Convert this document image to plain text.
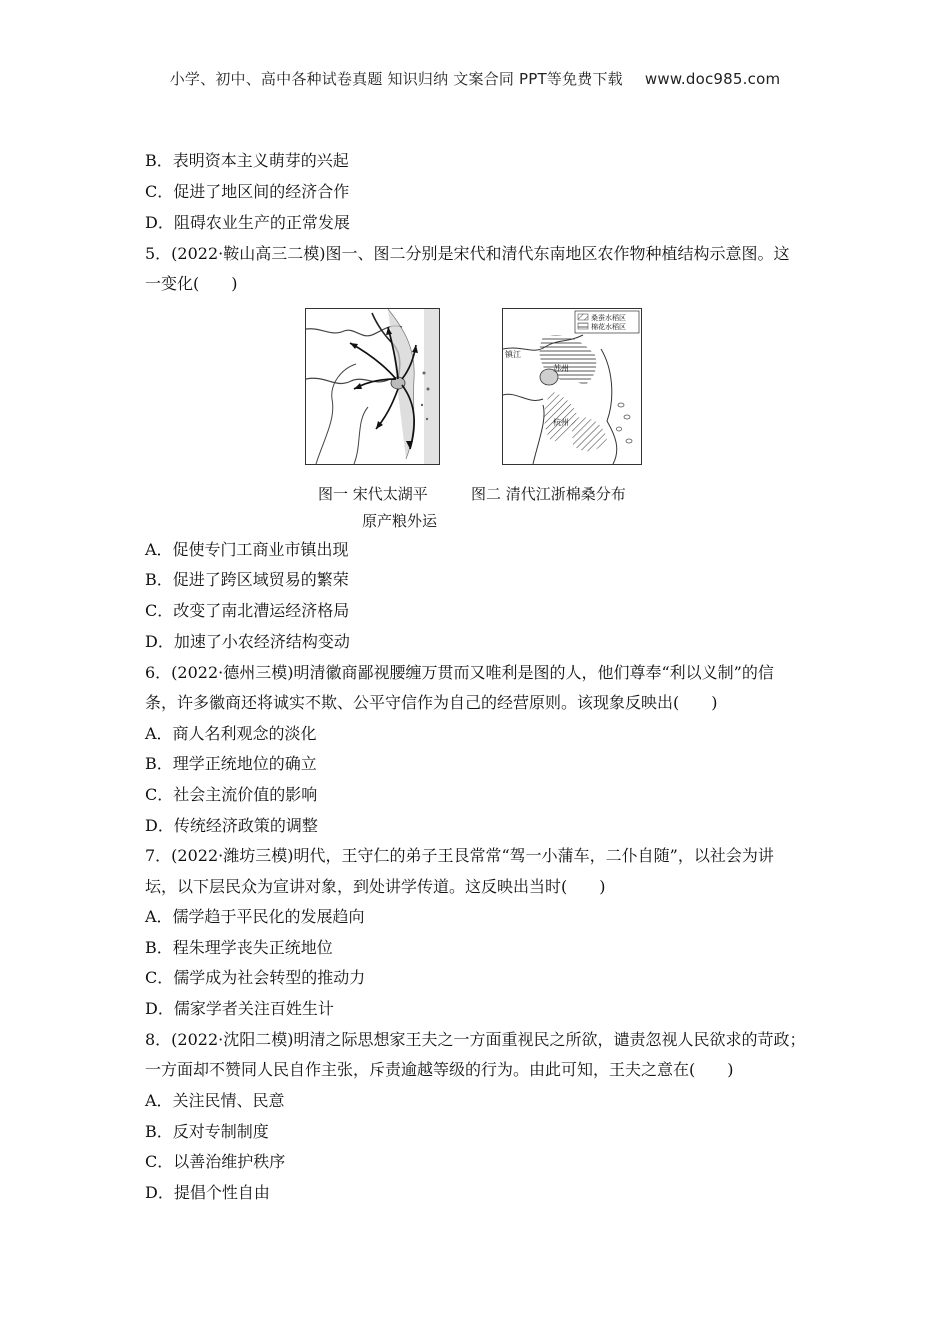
小学、初中、高中各种试卷真题 知识归纳 文案合同 PPT等免费下载 www.doc985.com
B．表明资本主义萌芽的兴起
C．促进了地区间的经济合作
D．阻碍农业生产的正常发展
5．(2022·鞍山高三二模)图一、图二分别是宋代和清代东南地区农作物种植结构示意图。这
一变化(　　)
桑蚕水稻区
棉花水稻区
镇江
苏州
杭州
图一 宋代太湖平
原产粮外运
图二 清代江浙棉桑分布
A．促使专门工商业市镇出现
B．促进了跨区域贸易的繁荣
C．改变了南北漕运经济格局
D．加速了小农经济结构变动
6．(2022·德州三模)明清徽商鄙视腰缠万贯而又唯利是图的人，他们尊奉“利以义制”的信
条，许多徽商还将诚实不欺、公平守信作为自己的经营原则。该现象反映出(　　)
A．商人名利观念的淡化
B．理学正统地位的确立
C．社会主流价值的影响
D．传统经济政策的调整
7．(2022·潍坊三模)明代，王守仁的弟子王艮常常“驾一小蒲车，二仆自随”，以社会为讲
坛，以下层民众为宣讲对象，到处讲学传道。这反映出当时(　　)
A．儒学趋于平民化的发展趋向
B．程朱理学丧失正统地位
C．儒学成为社会转型的推动力
D．儒家学者关注百姓生计
8．(2022·沈阳二模)明清之际思想家王夫之一方面重视民之所欲，谴责忽视人民欲求的苛政；
一方面却不赞同人民自作主张，斥责逾越等级的行为。由此可知，王夫之意在(　　)
A．关注民情、民意
B．反对专制制度
C．以善治维护秩序
D．提倡个性自由
